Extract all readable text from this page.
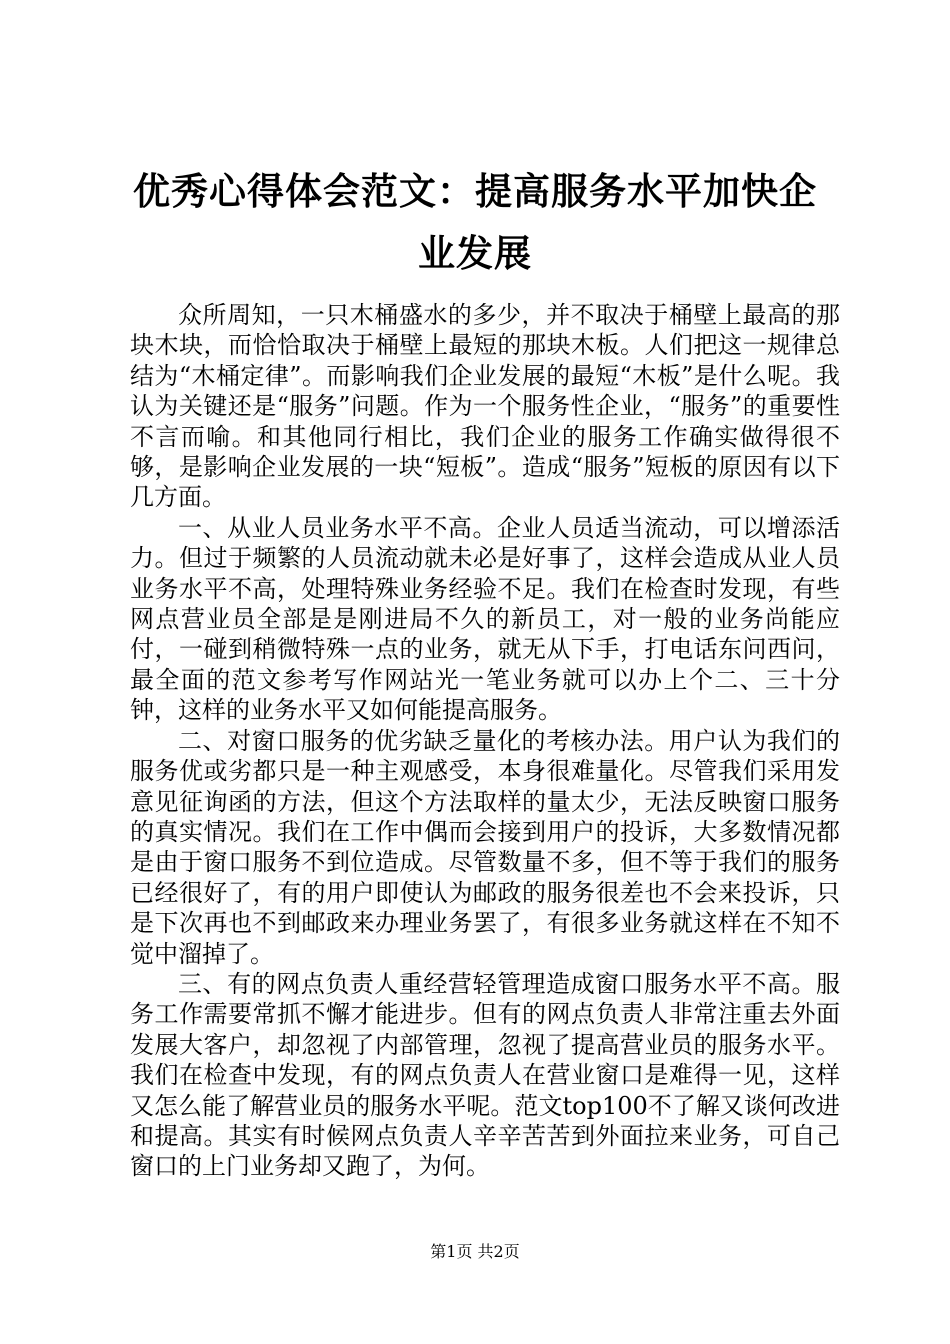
优秀心得体会范文：提高服务水平加快企业发展

众所周知，一只木桶盛水的多少，并不取决于桶壁上最高的那块木块，而恰恰取决于桶壁上最短的那块木板。人们把这一规律总结为“木桶定律”。而影响我们企业发展的最短“木板”是什么呢。我认为关键还是“服务”问题。作为一个服务性企业，“服务”的重要性不言而喻。和其他同行相比，我们企业的服务工作确实做得很不够，是影响企业发展的一块“短板”。造成“服务”短板的原因有以下几方面。

一、从业人员业务水平不高。企业人员适当流动，可以增添活力。但过于频繁的人员流动就未必是好事了，这样会造成从业人员业务水平不高，处理特殊业务经验不足。我们在检查时发现，有些网点营业员全部是是刚进局不久的新员工，对一般的业务尚能应付，一碰到稍微特殊一点的业务，就无从下手，打电话东问西问，最全面的范文参考写作网站光一笔业务就可以办上个二、三十分钟，这样的业务水平又如何能提高服务。

二、对窗口服务的优劣缺乏量化的考核办法。用户认为我们的服务优或劣都只是一种主观感受，本身很难量化。尽管我们采用发意见征询函的方法，但这个方法取样的量太少，无法反映窗口服务的真实情况。我们在工作中偶而会接到用户的投诉，大多数情况都是由于窗口服务不到位造成。尽管数量不多，但不等于我们的服务已经很好了，有的用户即使认为邮政的服务很差也不会来投诉，只是下次再也不到邮政来办理业务罢了，有很多业务就这样在不知不觉中溜掉了。

三、有的网点负责人重经营轻管理造成窗口服务水平不高。服务工作需要常抓不懈才能进步。但有的网点负责人非常注重去外面发展大客户，却忽视了内部管理，忽视了提高营业员的服务水平。我们在检查中发现，有的网点负责人在营业窗口是难得一见，这样又怎么能了解营业员的服务水平呢。范文top100不了解又谈何改进和提高。其实有时候网点负责人辛辛苦苦到外面拉来业务，可自己窗口的上门业务却又跑了，为何。

第1页 共2页
